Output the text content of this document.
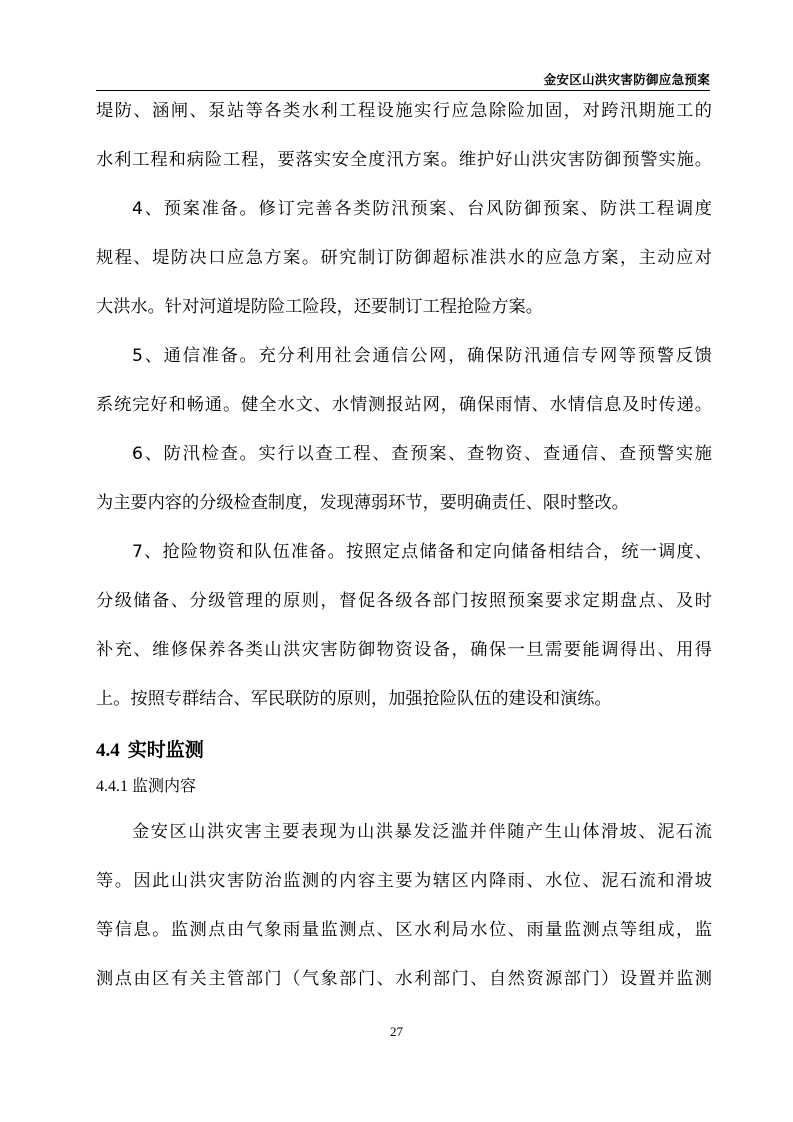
金安区山洪灾害防御应急预案
堤防、涵闸、泵站等各类水利工程设施实行应急除险加固，对跨汛期施工的
水利工程和病险工程，要落实安全度汛方案。维护好山洪灾害防御预警实施。
4、预案准备。修订完善各类防汛预案、台风防御预案、防洪工程调度
规程、堤防决口应急方案。研究制订防御超标准洪水的应急方案，主动应对
大洪水。针对河道堤防险工险段，还要制订工程抢险方案。
5、通信准备。充分利用社会通信公网，确保防汛通信专网等预警反馈
系统完好和畅通。健全水文、水情测报站网，确保雨情、水情信息及时传递。
6、防汛检查。实行以查工程、查预案、查物资、查通信、查预警实施
为主要内容的分级检查制度，发现薄弱环节，要明确责任、限时整改。
7、抢险物资和队伍准备。按照定点储备和定向储备相结合，统一调度、
分级储备、分级管理的原则，督促各级各部门按照预案要求定期盘点、及时
补充、维修保养各类山洪灾害防御物资设备，确保一旦需要能调得出、用得
上。按照专群结合、军民联防的原则，加强抢险队伍的建设和演练。
4.4 实时监测
4.4.1 监测内容
金安区山洪灾害主要表现为山洪暴发泛滥并伴随产生山体滑坡、泥石流
等。因此山洪灾害防治监测的内容主要为辖区内降雨、水位、泥石流和滑坡
等信息。监测点由气象雨量监测点、区水利局水位、雨量监测点等组成，监
测点由区有关主管部门（气象部门、水利部门、自然资源部门）设置并监测
27
